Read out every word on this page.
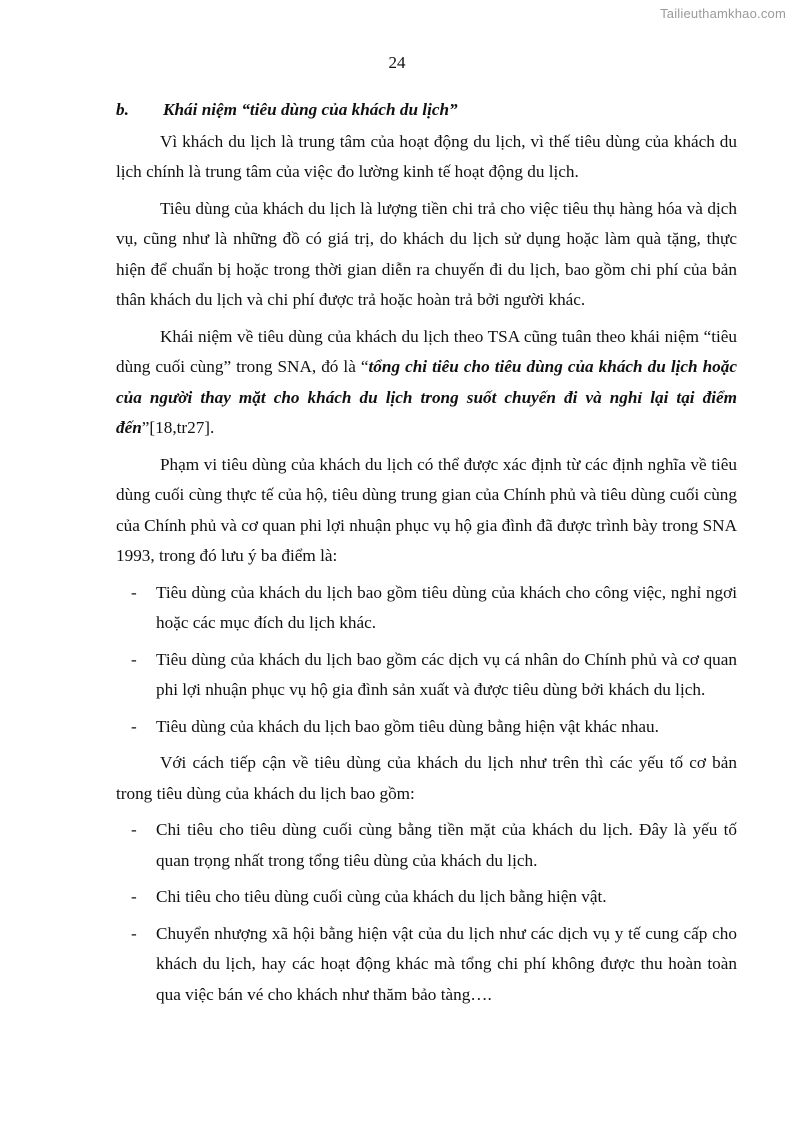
Tailieuthamkhao.com
24
b.	Khái niệm “tiêu dùng của khách du lịch”

Vì khách du lịch là trung tâm của hoạt động du lịch, vì thế tiêu dùng của khách du lịch chính là trung tâm của việc đo lường kinh tế hoạt động du lịch.

Tiêu dùng của khách du lịch là lượng tiền chi trả cho việc tiêu thụ hàng hóa và dịch vụ, cũng như là những đồ có giá trị, do khách du lịch sử dụng hoặc làm quà tặng, thực hiện để chuẩn bị hoặc trong thời gian diễn ra chuyến đi du lịch, bao gồm chi phí của bản thân khách du lịch và chi phí được trả hoặc hoàn trả bởi người khác.

Khái niệm về tiêu dùng của khách du lịch theo TSA cũng tuân theo khái niệm “tiêu dùng cuối cùng” trong SNA, đó là “tổng chi tiêu cho tiêu dùng của khách du lịch hoặc của người thay mặt cho khách du lịch trong suốt chuyến đi và nghỉ lại tại điểm đến”[18,tr27].

Phạm vi tiêu dùng của khách du lịch có thể được xác định từ các định nghĩa về tiêu dùng cuối cùng thực tế của hộ, tiêu dùng trung gian của Chính phủ và tiêu dùng cuối cùng của Chính phủ và cơ quan phi lợi nhuận phục vụ hộ gia đình đã được trình bày trong SNA 1993, trong đó lưu ý ba điểm là:

- Tiêu dùng của khách du lịch bao gồm tiêu dùng của khách cho công việc, nghỉ ngơi hoặc các mục đích du lịch khác.
- Tiêu dùng của khách du lịch bao gồm các dịch vụ cá nhân do Chính phủ và cơ quan phi lợi nhuận phục vụ hộ gia đình sản xuất và được tiêu dùng bởi khách du lịch.
- Tiêu dùng của khách du lịch bao gồm tiêu dùng bằng hiện vật khác nhau.

Với cách tiếp cận về tiêu dùng của khách du lịch như trên thì các yếu tố cơ bản trong tiêu dùng của khách du lịch bao gồm:

- Chi tiêu cho tiêu dùng cuối cùng bằng tiền mặt của khách du lịch. Đây là yếu tố quan trọng nhất trong tổng tiêu dùng của khách du lịch.
- Chi tiêu cho tiêu dùng cuối cùng của khách du lịch bằng hiện vật.
- Chuyển nhượng xã hội bằng hiện vật của du lịch như các dịch vụ y tế cung cấp cho khách du lịch, hay các hoạt động khác mà tổng chi phí không được thu hoàn toàn qua việc bán vé cho khách như thăm bảo tàng….
